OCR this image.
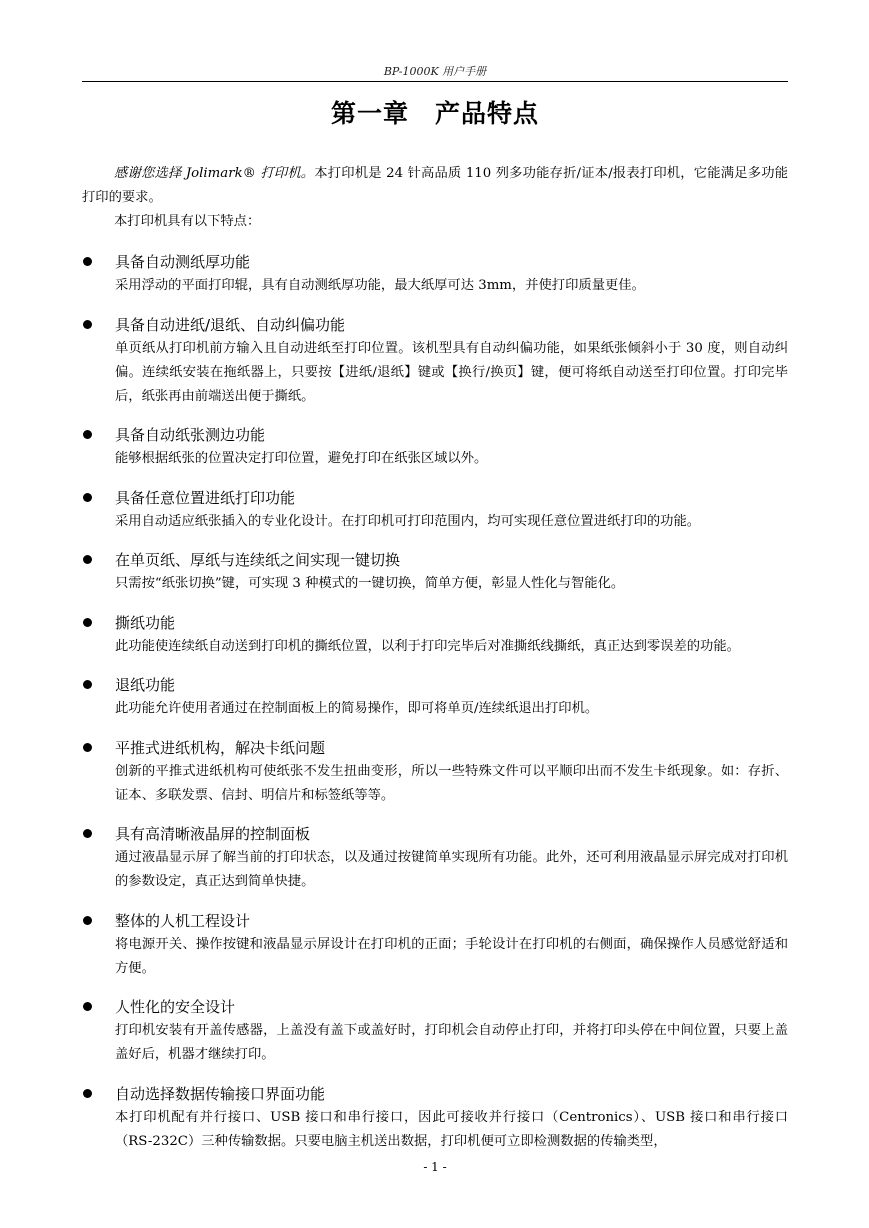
BP-1000K 用户手册
第一章　产品特点

感谢您选择 Jolimark® 打印机。本打印机是 24 针高品质 110 列多功能存折/证本/报表打印机，它能满足多功能打印的要求。

本打印机具有以下特点：

具备自动测纸厚功能

采用浮动的平面打印辊，具有自动测纸厚功能，最大纸厚可达 3mm，并使打印质量更佳。

具备自动进纸/退纸、自动纠偏功能

单页纸从打印机前方输入且自动进纸至打印位置。该机型具有自动纠偏功能，如果纸张倾斜小于 30 度，则自动纠偏。连续纸安装在拖纸器上，只要按【进纸/退纸】键或【换行/换页】键，便可将纸自动送至打印位置。打印完毕后，纸张再由前端送出便于撕纸。

具备自动纸张测边功能

能够根据纸张的位置决定打印位置，避免打印在纸张区域以外。

具备任意位置进纸打印功能

采用自动适应纸张插入的专业化设计。在打印机可打印范围内，均可实现任意位置进纸打印的功能。

在单页纸、厚纸与连续纸之间实现一键切换

只需按“纸张切换”键，可实现 3 种模式的一键切换，简单方便，彰显人性化与智能化。

撕纸功能

此功能使连续纸自动送到打印机的撕纸位置，以利于打印完毕后对准撕纸线撕纸，真正达到零误差的功能。

退纸功能

此功能允许使用者通过在控制面板上的简易操作，即可将单页/连续纸退出打印机。

平推式进纸机构，解决卡纸问题

创新的平推式进纸机构可使纸张不发生扭曲变形，所以一些特殊文件可以平顺印出而不发生卡纸现象。如：存折、证本、多联发票、信封、明信片和标签纸等等。

具有高清晰液晶屏的控制面板

通过液晶显示屏了解当前的打印状态，以及通过按键简单实现所有功能。此外，还可利用液晶显示屏完成对打印机的参数设定，真正达到简单快捷。

整体的人机工程设计

将电源开关、操作按键和液晶显示屏设计在打印机的正面；手轮设计在打印机的右侧面，确保操作人员感觉舒适和方便。

人性化的安全设计

打印机安装有开盖传感器，上盖没有盖下或盖好时，打印机会自动停止打印，并将打印头停在中间位置，只要上盖盖好后，机器才继续打印。

自动选择数据传输接口界面功能

本打印机配有并行接口、USB 接口和串行接口，因此可接收并行接口（Centronics）、USB 接口和串行接口（RS-232C）三种传输数据。只要电脑主机送出数据，打印机便可立即检测数据的传输类型，

- 1 -
